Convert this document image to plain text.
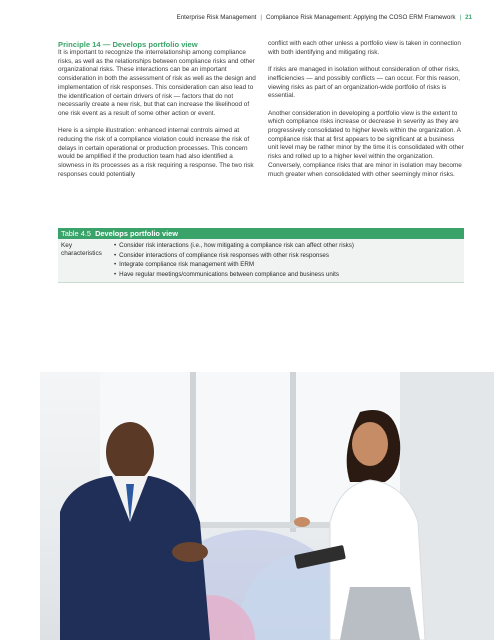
Enterprise Risk Management | Compliance Risk Management: Applying the COSO ERM Framework | 21
Principle 14 — Develops portfolio view

It is important to recognize the interrelationship among compliance risks, as well as the relationships between compliance risks and other organizational risks. These interactions can be an important consideration in both the assessment of risk as well as the design and implementation of risk responses. This consideration can also lead to the identification of certain drivers of risk — factors that do not necessarily create a new risk, but that can increase the likelihood of one risk event as a result of some other action or event.

Here is a simple illustration: enhanced internal controls aimed at reducing the risk of a compliance violation could increase the risk of delays in certain operational or production processes. This concern would be amplified if the production team had also identified a slowness in its processes as a risk requiring a response. The two risk responses could potentially

conflict with each other unless a portfolio view is taken in connection with both identifying and mitigating risk.

If risks are managed in isolation without consideration of other risks, inefficiencies — and possibly conflicts — can occur. For this reason, viewing risks as part of an organization-wide portfolio of risks is essential.

Another consideration in developing a portfolio view is the extent to which compliance risks increase or decrease in severity as they are progressively consolidated to higher levels within the organization. A compliance risk that at first appears to be significant at a business unit level may be rather minor by the time it is consolidated with other risks and rolled up to a higher level within the organization. Conversely, compliance risks that are minor in isolation may become much greater when consolidated with other seemingly minor risks.

Table 4.5 Develops portfolio view
Key characteristics
• Consider risk interactions (i.e., how mitigating a compliance risk can affect other risks)
• Consider interactions of compliance risk responses with other risk responses
• Integrate compliance risk management with ERM
• Have regular meetings/communications between compliance and business units
